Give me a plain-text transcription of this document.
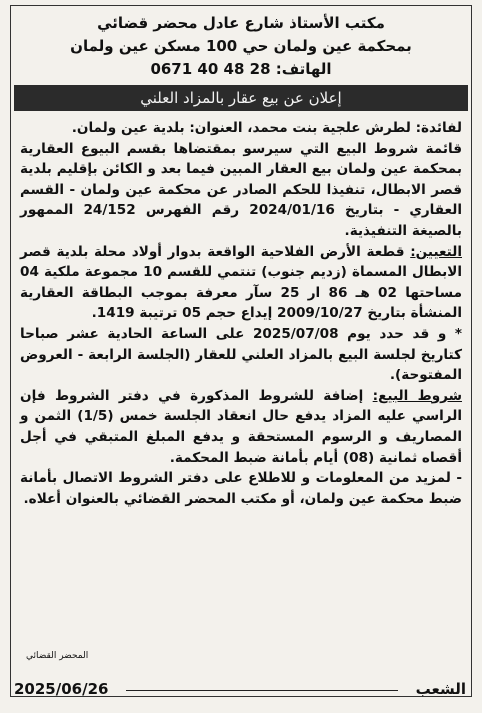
مكتب الأستاذ شارع عادل محضر قضائي
بمحكمة عين ولمان حي 100 مسكن عين ولمان
الهاتف: 28 48 40 0671
إعلان عن بيع عقار بالمزاد العلني

لفائدة: لطرش علجية بنت محمد، العنوان: بلدية عين ولمان.

قائمة شروط البيع التي سيرسو بمقتضاها بقسم البيوع العقارية بمحكمة عين ولمان بيع العقار المبين فيما بعد و الكائن بإقليم بلدية قصر الابطال، تنفيذا للحكم الصادر عن محكمة عين ولمان - القسم العقاري - بتاريخ 2024/01/16 رقم الفهرس 24/152 الممهور بالصيغة التنفيذية.

التعيين: قطعة الأرض الفلاحية الواقعة بدوار أولاد محلة بلدية قصر الابطال المسماة (زديم جنوب) تنتمي للقسم 10 مجموعة ملكية 04 مساحتها 02 هـ 86 ار 25 سآر معرفة بموجب البطاقة العقارية المنشأة بتاريخ 2009/10/27 إيداع حجم 05 ترتيبة 1419.

* و قد حدد يوم 2025/07/08 على الساعة الحادية عشر صباحا كتاريخ لجلسة البيع بالمزاد العلني للعقار (الجلسة الرابعة - العروض المفتوحة).

شروط البيع: إضافة للشروط المذكورة في دفتر الشروط فإن الراسي عليه المزاد يدفع حال انعقاد الجلسة خمس (1/5) الثمن و المصاريف و الرسوم المستحقة و يدفع المبلغ المتبقي في أجل أقصاه ثمانية (08) أيام بأمانة ضبط المحكمة.

- لمزيد من المعلومات و للاطلاع على دفتر الشروط الاتصال بأمانة ضبط محكمة عين ولمان، أو مكتب المحضر القضائي بالعنوان أعلاه.

المحضر القضائي
الشعب
2025/06/26
